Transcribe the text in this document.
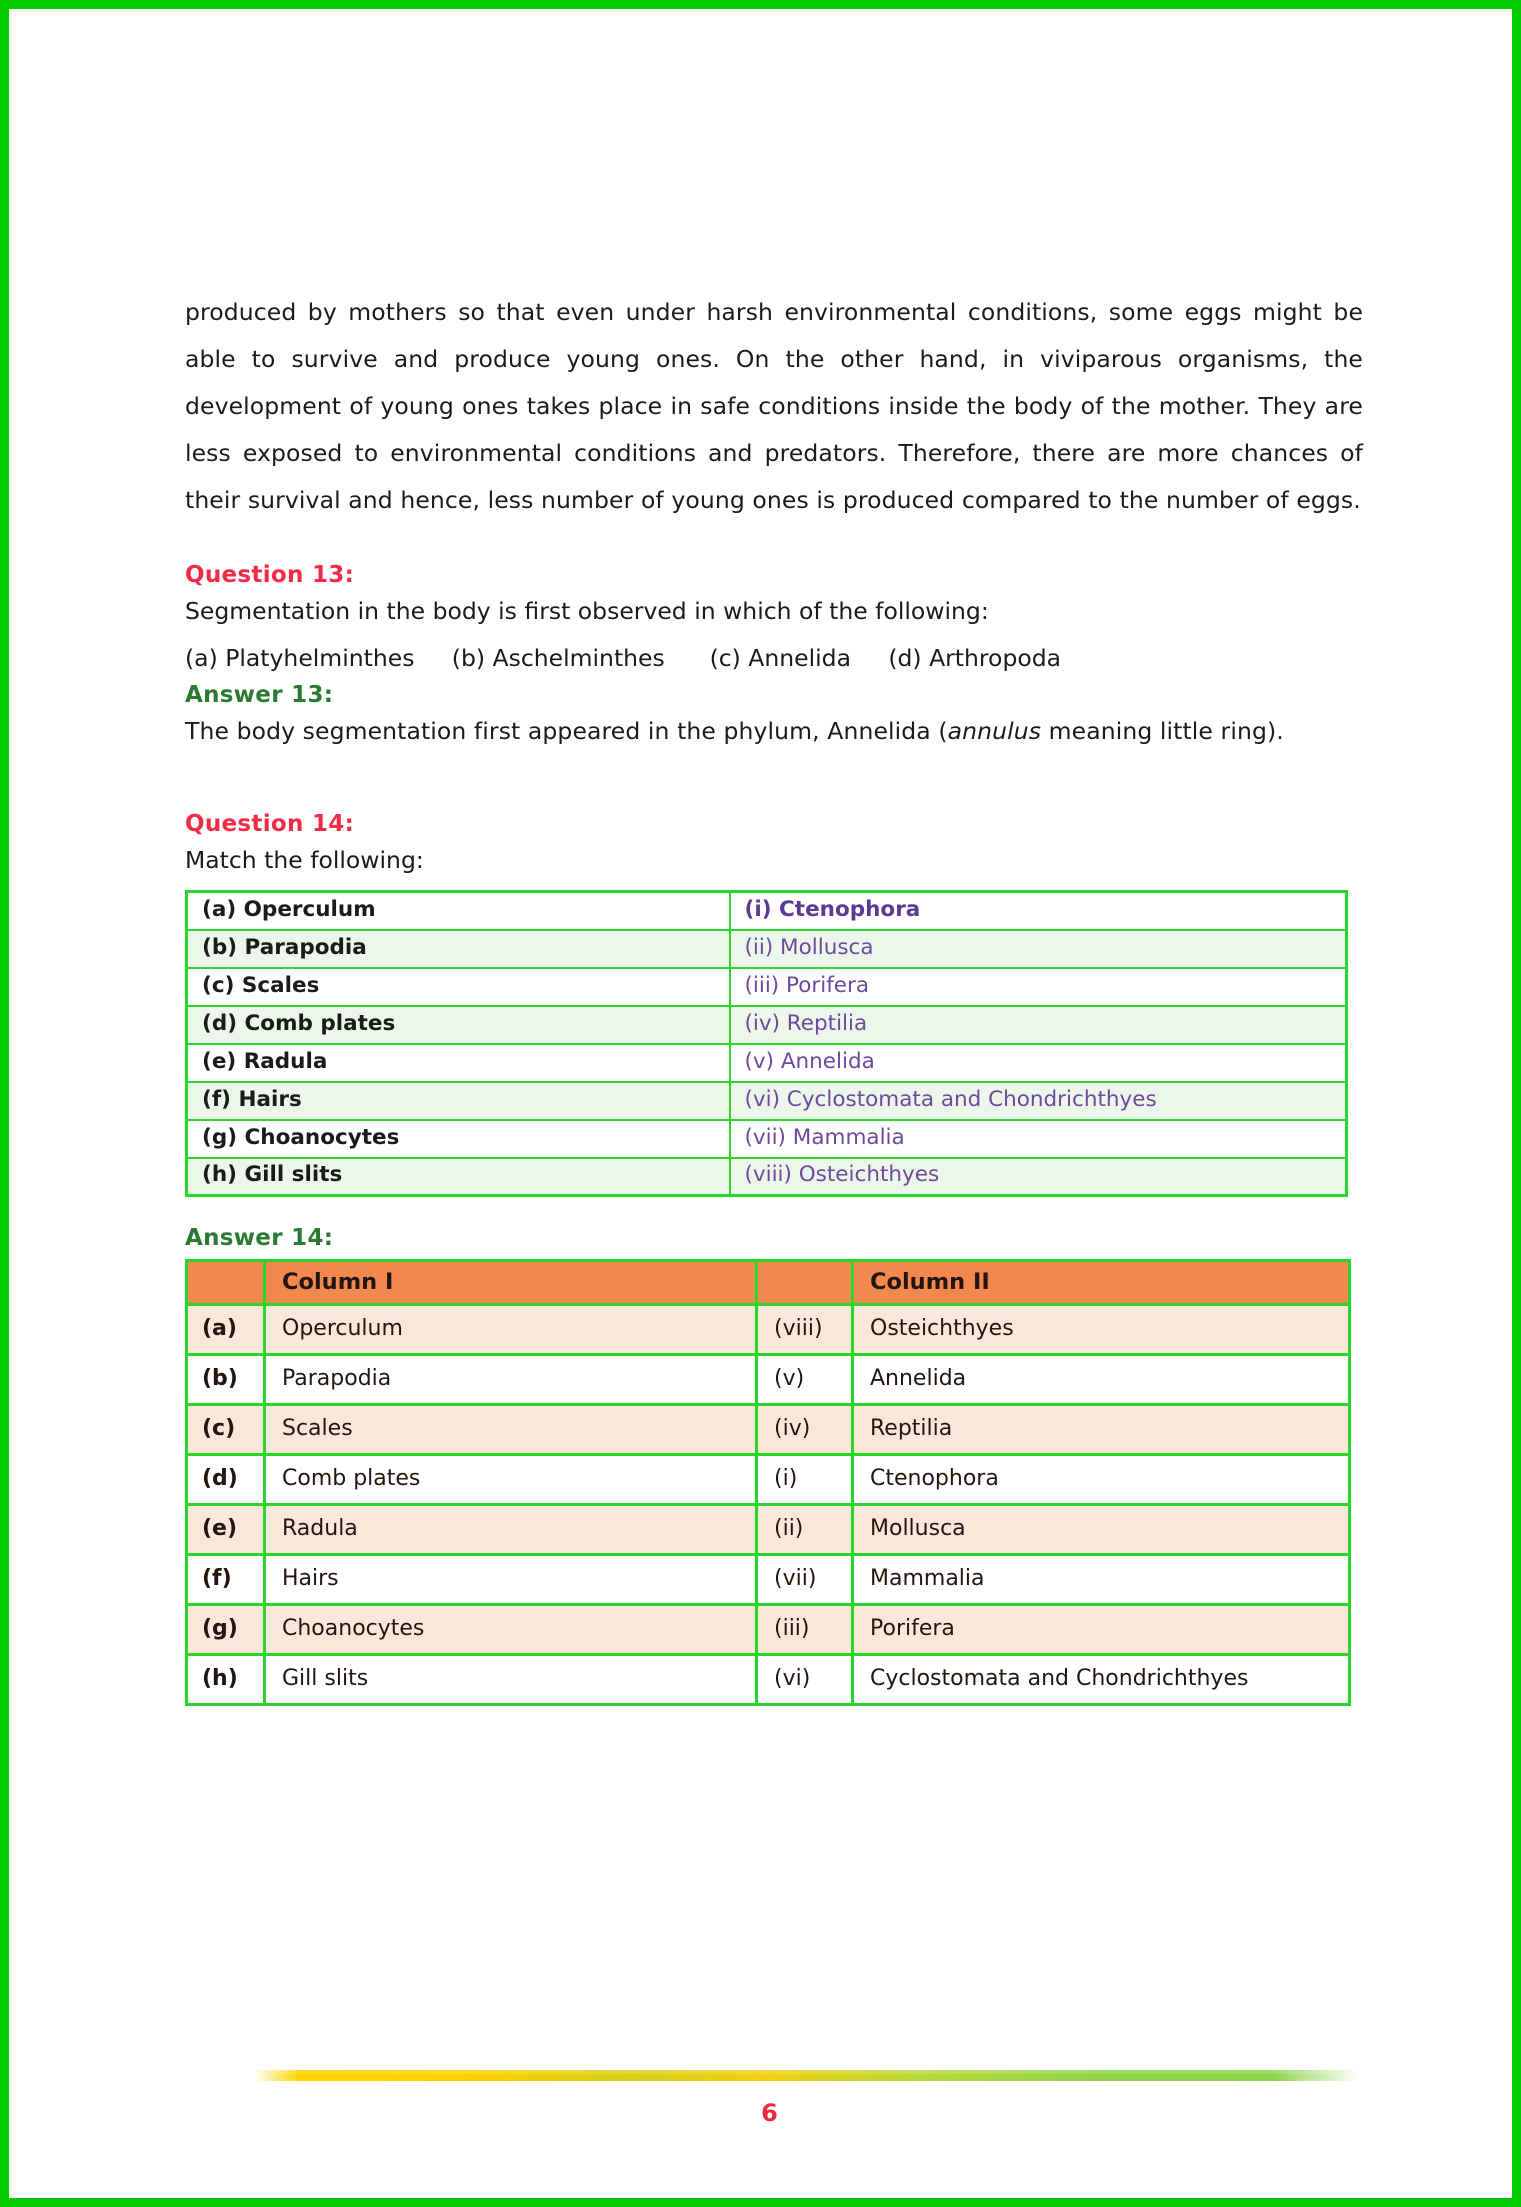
produced by mothers so that even under harsh environmental conditions, some eggs might be able to survive and produce young ones. On the other hand, in viviparous organisms, the development of young ones takes place in safe conditions inside the body of the mother. They are less exposed to environmental conditions and predators. Therefore, there are more chances of their survival and hence, less number of young ones is produced compared to the number of eggs.

Question 13:
Segmentation in the body is first observed in which of the following:
(a) Platyhelminthes     (b) Aschelminthes      (c) Annelida     (d) Arthropoda
Answer 13:

The body segmentation first appeared in the phylum, Annelida (annulus meaning little ring).

Question 14:
Match the following:
(a) Operculum	(i) Ctenophora
(b) Parapodia	(ii) Mollusca
(c) Scales	(iii) Porifera
(d) Comb plates	(iv) Reptilia
(e) Radula	(v) Annelida
(f) Hairs	(vi) Cyclostomata and Chondrichthyes
(g) Choanocytes	(vii) Mammalia
(h) Gill slits	(viii) Osteichthyes
Answer 14:
	Column I		Column II
(a)	Operculum	(viii)	Osteichthyes
(b)	Parapodia	(v)	Annelida
(c)	Scales	(iv)	Reptilia
(d)	Comb plates	(i)	Ctenophora
(e)	Radula	(ii)	Mollusca
(f)	Hairs	(vii)	Mammalia
(g)	Choanocytes	(iii)	Porifera
(h)	Gill slits	(vi)	Cyclostomata and Chondrichthyes
6
